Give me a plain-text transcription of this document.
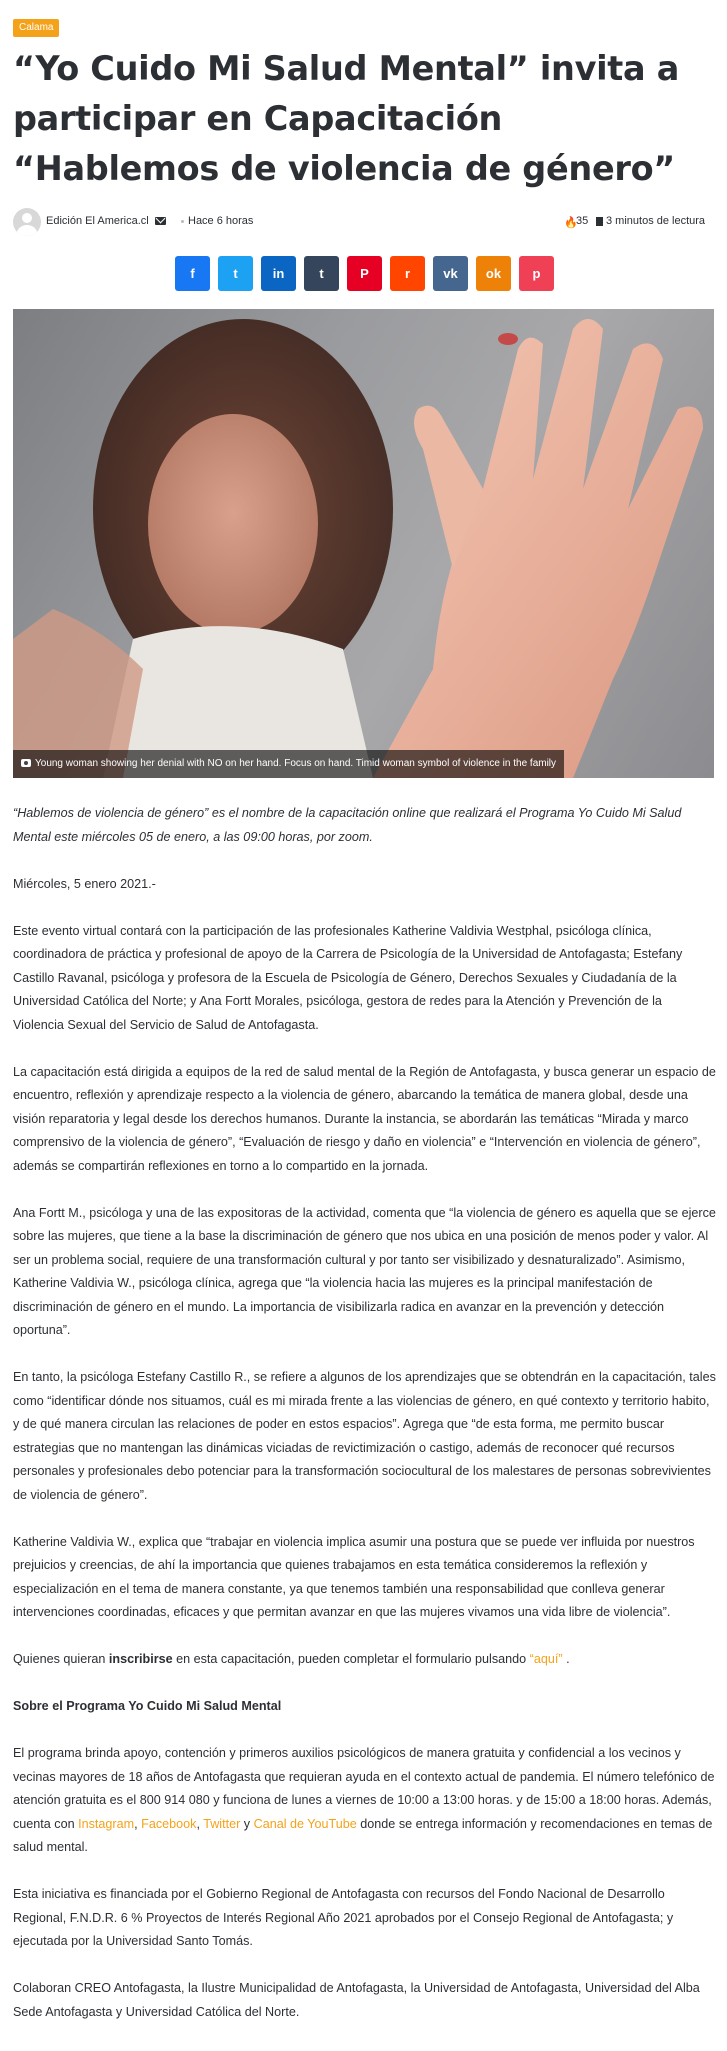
Calama
“Yo Cuido Mi Salud Mental” invita a participar en Capacitación “Hablemos de violencia de género”
Edición El America.cl	Hace 6 horas	🔥
35 3 minutos de lectura
f	t	in	t	P	r	vk	ok	p
Young woman showing her denial with NO on her hand. Focus on hand. Timid woman symbol of violence in the family

“Hablemos de violencia de género” es el nombre de la capacitación online que realizará el Programa Yo Cuido Mi Salud Mental este miércoles 05 de enero, a las 09:00 horas, por zoom.

Miércoles, 5 enero 2021.-

Este evento virtual contará con la participación de las profesionales Katherine Valdivia Westphal, psicóloga clínica, coordinadora de práctica y profesional de apoyo de la Carrera de Psicología de la Universidad de Antofagasta; Estefany Castillo Ravanal, psicóloga y profesora de la Escuela de Psicología de Género, Derechos Sexuales y Ciudadanía de la Universidad Católica del Norte; y Ana Fortt Morales, psicóloga, gestora de redes para la Atención y Prevención de la Violencia Sexual del Servicio de Salud de Antofagasta.

La capacitación está dirigida a equipos de la red de salud mental de la Región de Antofagasta, y busca generar un espacio de encuentro, reflexión y aprendizaje respecto a la violencia de género, abarcando la temática de manera global, desde una visión reparatoria y legal desde los derechos humanos. Durante la instancia, se abordarán las temáticas “Mirada y marco comprensivo de la violencia de género”, “Evaluación de riesgo y daño en violencia” e “Intervención en violencia de género”, además se compartirán reflexiones en torno a lo compartido en la jornada.

Ana Fortt M., psicóloga y una de las expositoras de la actividad, comenta que “la violencia de género es aquella que se ejerce sobre las mujeres, que tiene a la base la discriminación de género que nos ubica en una posición de menos poder y valor. Al ser un problema social, requiere de una transformación cultural y por tanto ser visibilizado y desnaturalizado”. Asimismo, Katherine Valdivia W., psicóloga clínica, agrega que “la violencia hacia las mujeres es la principal manifestación de discriminación de género en el mundo. La importancia de visibilizarla radica en avanzar en la prevención y detección oportuna”.

En tanto, la psicóloga Estefany Castillo R., se refiere a algunos de los aprendizajes que se obtendrán en la capacitación, tales como “identificar dónde nos situamos, cuál es mi mirada frente a las violencias de género, en qué contexto y territorio habito, y de qué manera circulan las relaciones de poder en estos espacios”. Agrega que “de esta forma, me permito buscar estrategias que no mantengan las dinámicas viciadas de revictimización o castigo, además de reconocer qué recursos personales y profesionales debo potenciar para la transformación sociocultural de los malestares de personas sobrevivientes de violencia de género”.

Katherine Valdivia W., explica que “trabajar en violencia implica asumir una postura que se puede ver influida por nuestros prejuicios y creencias, de ahí la importancia que quienes trabajamos en esta temática consideremos la reflexión y especialización en el tema de manera constante, ya que tenemos también una responsabilidad que conlleva generar intervenciones coordinadas, eficaces y que permitan avanzar en que las mujeres vivamos una vida libre de violencia”.

Quienes quieran inscribirse en esta capacitación, pueden completar el formulario pulsando “aquí” .

Sobre el Programa Yo Cuido Mi Salud Mental

El programa brinda apoyo, contención y primeros auxilios psicológicos de manera gratuita y confidencial a los vecinos y vecinas mayores de 18 años de Antofagasta que requieran ayuda en el contexto actual de pandemia. El número telefónico de atención gratuita es el 800 914 080 y funciona de lunes a viernes de 10:00 a 13:00 horas. y de 15:00 a 18:00 horas. Además, cuenta con Instagram, Facebook, Twitter y Canal de YouTube donde se entrega información y recomendaciones en temas de salud mental.

Esta iniciativa es financiada por el Gobierno Regional de Antofagasta con recursos del Fondo Nacional de Desarrollo Regional, F.N.D.R. 6 % Proyectos de Interés Regional Año 2021 aprobados por el Consejo Regional de Antofagasta; y ejecutada por la Universidad Santo Tomás.

Colaboran CREO Antofagasta, la Ilustre Municipalidad de Antofagasta, la Universidad de Antofagasta, Universidad del Alba Sede Antofagasta y Universidad Católica del Norte.
